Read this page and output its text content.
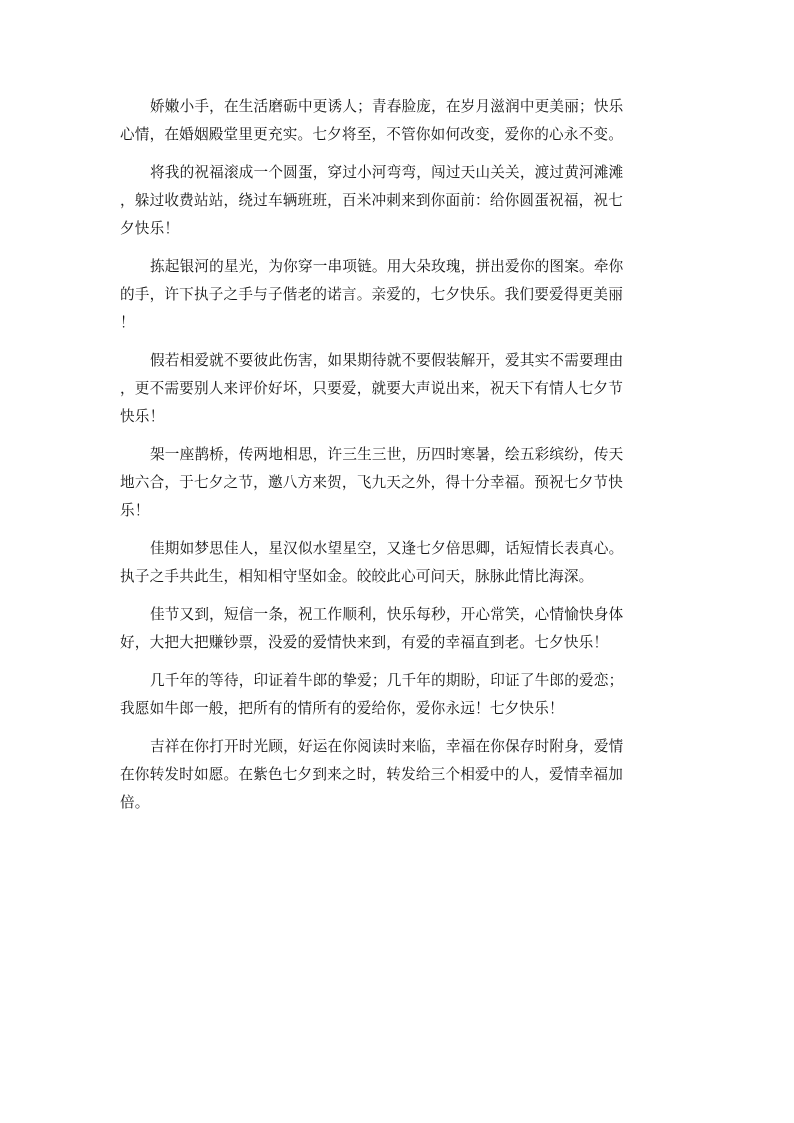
娇嫩小手，在生活磨砺中更诱人；青春脸庞，在岁月滋润中更美丽；快乐
心情，在婚姻殿堂里更充实。七夕将至，不管你如何改变，爱你的心永不变。

将我的祝福滚成一个圆蛋，穿过小河弯弯，闯过天山关关，渡过黄河滩滩
，躲过收费站站，绕过车辆班班，百米冲刺来到你面前：给你圆蛋祝福，祝七
夕快乐！

拣起银河的星光，为你穿一串项链。用大朵玫瑰，拼出爱你的图案。牵你
的手，许下执子之手与子偕老的诺言。亲爱的，七夕快乐。我们要爱得更美丽
！

假若相爱就不要彼此伤害，如果期待就不要假装解开，爱其实不需要理由
，更不需要别人来评价好坏，只要爱，就要大声说出来，祝天下有情人七夕节
快乐！

架一座鹊桥，传两地相思，许三生三世，历四时寒暑，绘五彩缤纷，传天
地六合，于七夕之节，邀八方来贺，飞九天之外，得十分幸福。预祝七夕节快
乐！

佳期如梦思佳人，星汉似水望星空，又逢七夕倍思卿，话短情长表真心。
执子之手共此生，相知相守坚如金。皎皎此心可问天，脉脉此情比海深。

佳节又到，短信一条，祝工作顺利，快乐每秒，开心常笑，心情愉快身体
好，大把大把赚钞票，没爱的爱情快来到，有爱的幸福直到老。七夕快乐！

几千年的等待，印证着牛郎的挚爱；几千年的期盼，印证了牛郎的爱恋；
我愿如牛郎一般，把所有的情所有的爱给你，爱你永远！七夕快乐！

吉祥在你打开时光顾，好运在你阅读时来临，幸福在你保存时附身，爱情
在你转发时如愿。在紫色七夕到来之时，转发给三个相爱中的人，爱情幸福加
倍。
